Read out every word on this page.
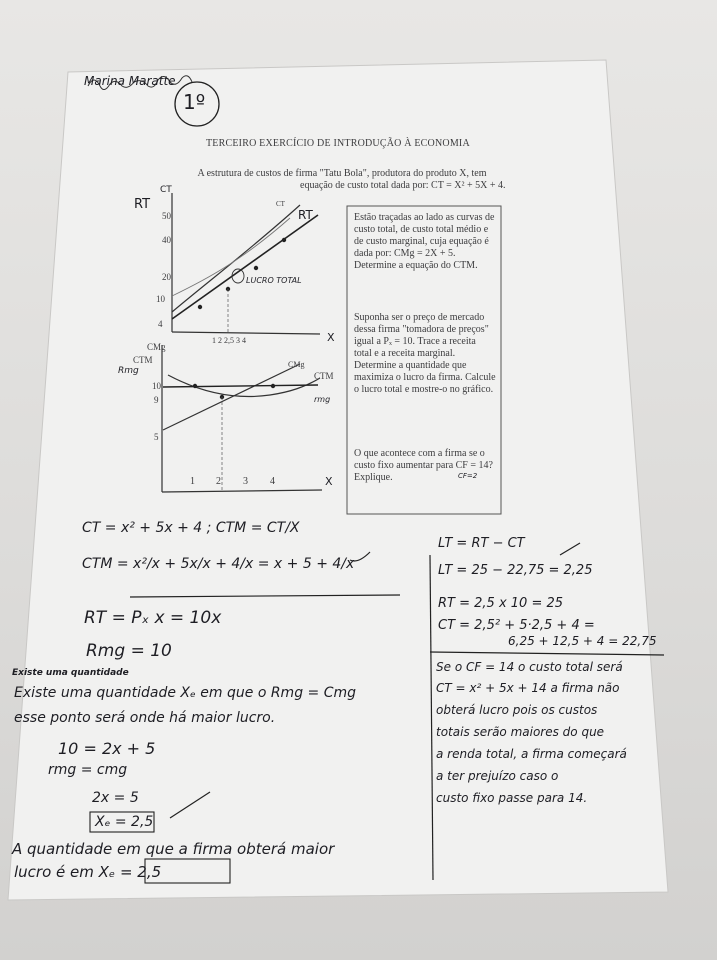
Marina Maratte
1º
TERCEIRO EXERCÍCIO DE INTRODUÇÃO À ECONOMIA
A estrutura de custos de firma "Tatu Bola", produtora do produto X, tem
equação de custo total dada por: CT = X² + 5X + 4.
RT
CT
50
40
20
10
4
1 2 2,5 3 4	X
RT
CT
LUCRO TOTAL
CMg
CTM
Rmg
10
9
5
1 2 3 4	X
CMg
CTM
rmg
Estão traçadas ao lado as curvas de custo total, de custo total médio e de custo marginal, cuja equação é dada por: CMg = 2X + 5. Determine a equação do CTM.
Suponha ser o preço de mercado dessa firma "tomadora de preços" igual a Pₓ = 10. Trace a receita total e a receita marginal. Determine a quantidade que maximiza o lucro da firma. Calcule o lucro total e mostre-o no gráfico.
O que acontece com a firma se o custo fixo aumentar para CF = 14? Explique.	CF=2
CT = x² + 5x + 4 ; CTM = CT/X
CTM = x²/x + 5x/x + 4/x = x + 5 + 4/x
RT = Pₓ x = 10x
Rmg = 10
Existe uma quantidade
Existe uma quantidade Xₑ em que o Rmg = Cmg
esse ponto será onde há maior lucro.
10 = 2x + 5
rmg = cmg
2x = 5
Xₑ = 2,5
A quantidade em que a firma obterá maior
lucro é em Xₑ = 2,5
LT = RT − CT
LT = 25 − 22,75 = 2,25
RT = 2,5 x 10 = 25
CT = 2,5² + 5·2,5 + 4 =
6,25 + 12,5 + 4 = 22,75
Se o CF = 14 o custo total será
CT = x² + 5x + 14 a firma não
obterá lucro pois os custos
totais serão maiores do que
a renda total, a firma começará
a ter prejuízo caso o
custo fixo passe para 14.
